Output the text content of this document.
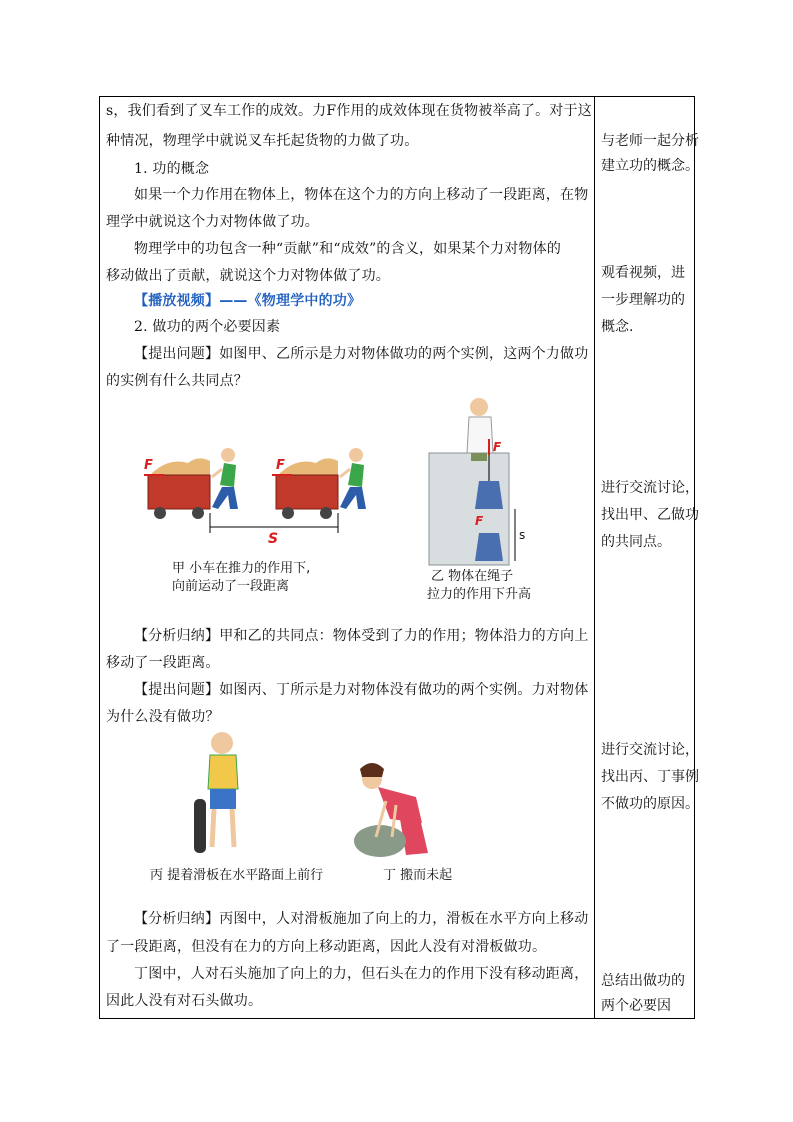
s，我们看到了叉车工作的成效。力F作用的成效体现在货物被举高了。对于这
种情况，物理学中就说叉车托起货物的力做了功。
1. 功的概念
如果一个力作用在物体上，物体在这个力的方向上移动了一段距离，在物
理学中就说这个力对物体做了功。
物理学中的功包含一种“贡献”和“成效”的含义，如果某个力对物体的
移动做出了贡献，就说这个力对物体做了功。
【播放视频】——《物理学中的功》
2. 做功的两个必要因素
【提出问题】如图甲、乙所示是力对物体做功的两个实例，这两个力做功
的实例有什么共同点？
F	F
S
甲 小车在推力的作用下,
向前运动了一段距离
F
F
s
乙 物体在绳子
拉力的作用下升高
【分析归纳】甲和乙的共同点：物体受到了力的作用；物体沿力的方向上
移动了一段距离。
【提出问题】如图丙、丁所示是力对物体没有做功的两个实例。力对物体
为什么没有做功？
丙 提着滑板在水平路面上前行	丁 搬而未起
【分析归纳】丙图中，人对滑板施加了向上的力，滑板在水平方向上移动
了一段距离，但没有在力的方向上移动距离，因此人没有对滑板做功。
丁图中，人对石头施加了向上的力，但石头在力的作用下没有移动距离，
因此人没有对石头做功。
与老师一起分析
建立功的概念。
观看视频，进
一步理解功的
概念.
进行交流讨论，
找出甲、乙做功
的共同点。
进行交流讨论，
找出丙、丁事例
不做功的原因。
总结出做功的
两个必要因
